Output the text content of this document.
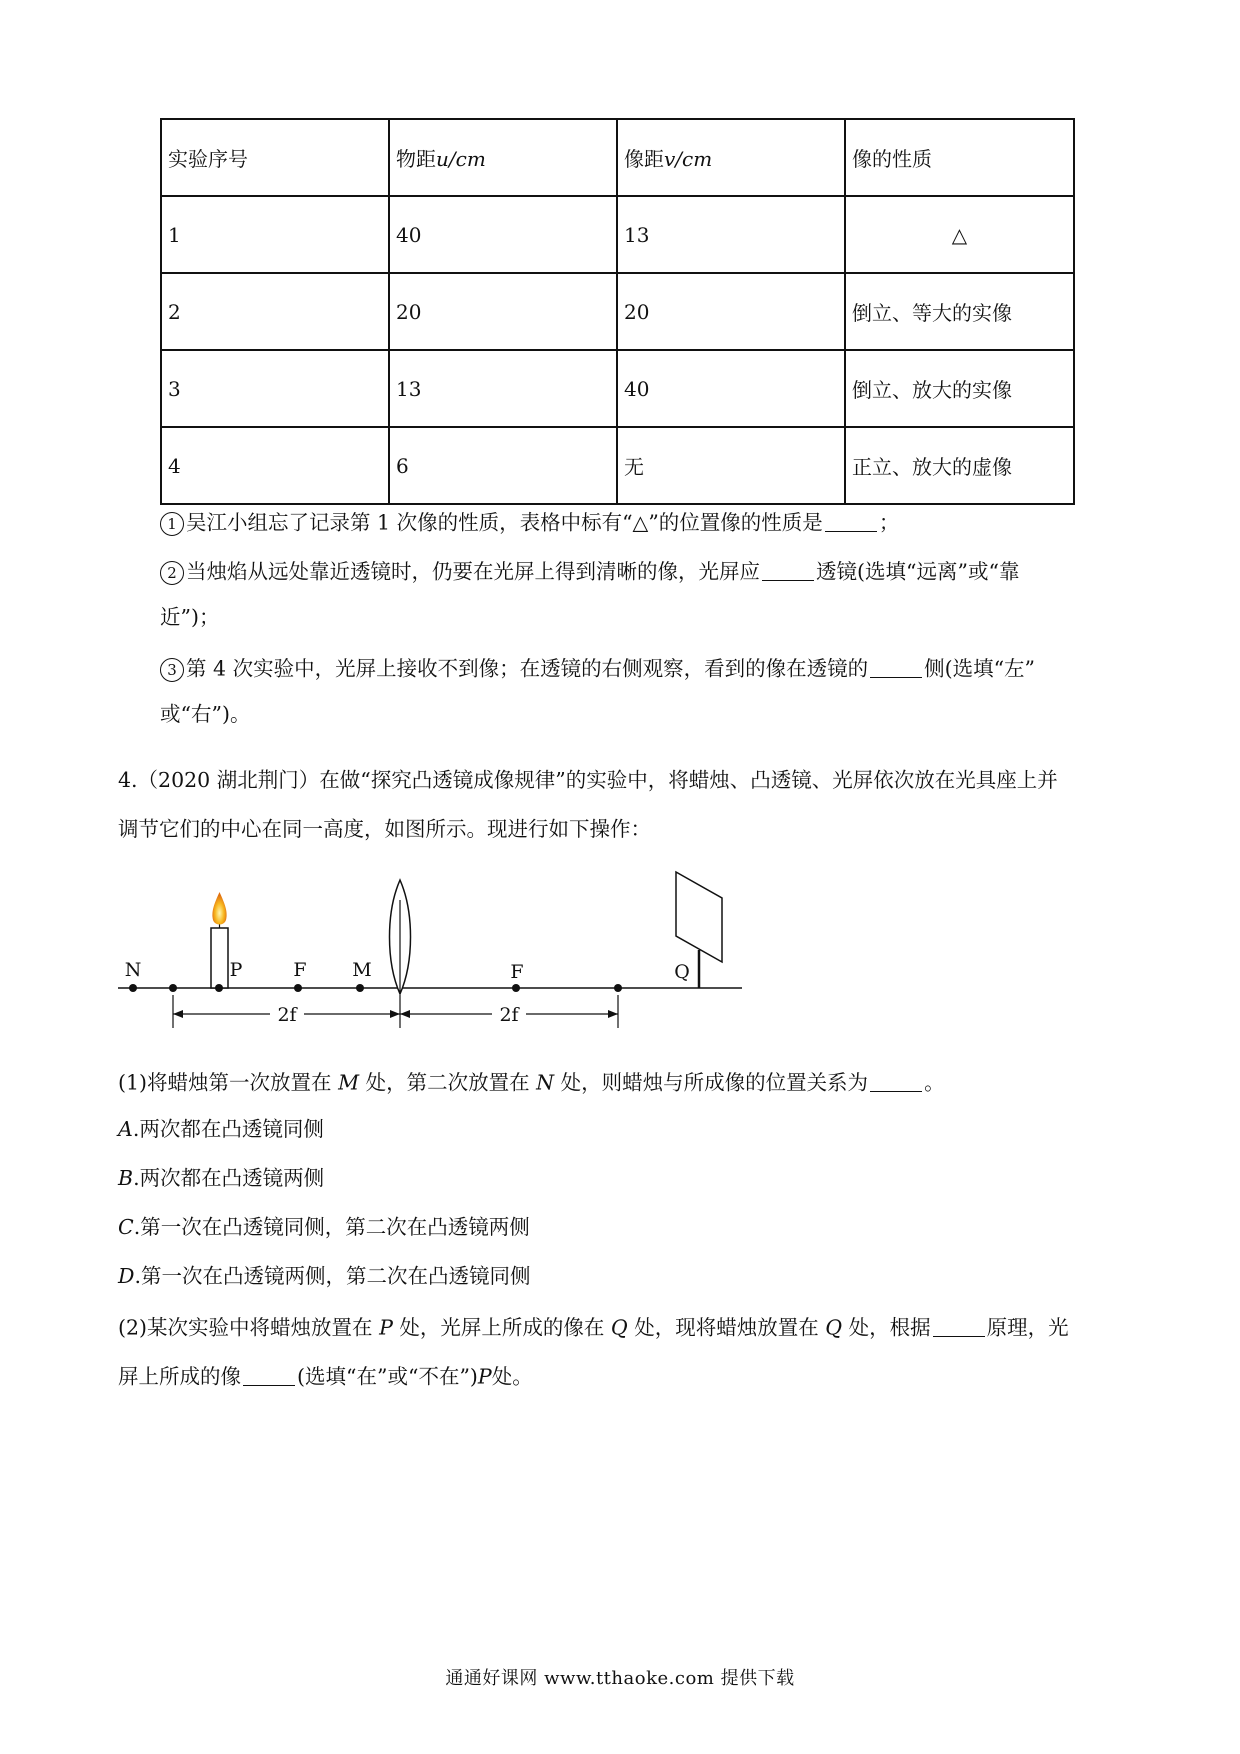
实验序号	物距u/cm	像距v/cm	像的性质
1	40	13	△
2	20	20	倒立、等大的实像
3	13	40	倒立、放大的实像
4	6	无	正立、放大的虚像
1 吴江小组忘了记录第 1 次像的性质，表格中标有“△”的位置像的性质是	；
2 当烛焰从远处靠近透镜时，仍要在光屏上得到清晰的像，光屏应	透镜(选填“远离”或“靠
近”)；
3 第 4 次实验中，光屏上接收不到像；在透镜的右侧观察，看到的像在透镜的	侧(选填“左”
或“右”)。
4.（2020 湖北荆门）在做“探究凸透镜成像规律”的实验中，将蜡烛、凸透镜、光屏依次放在光具座上并
调节它们的中心在同一高度，如图所示。现进行如下操作：
N	P	F M	F	Q
2f	2f
(1)将蜡烛第一次放置在 M 处，第二次放置在 N 处，则蜡烛与所成像的位置关系为	。
A.两次都在凸透镜同侧
B.两次都在凸透镜两侧
C.第一次在凸透镜同侧，第二次在凸透镜两侧
D.第一次在凸透镜两侧，第二次在凸透镜同侧
(2)某次实验中将蜡烛放置在 P 处，光屏上所成的像在 Q 处，现将蜡烛放置在 Q 处，根据	原理，光
屏上所成的像	(选填“在”或“不在”)P处。
通通好课网 www.tthaoke.com 提供下载
